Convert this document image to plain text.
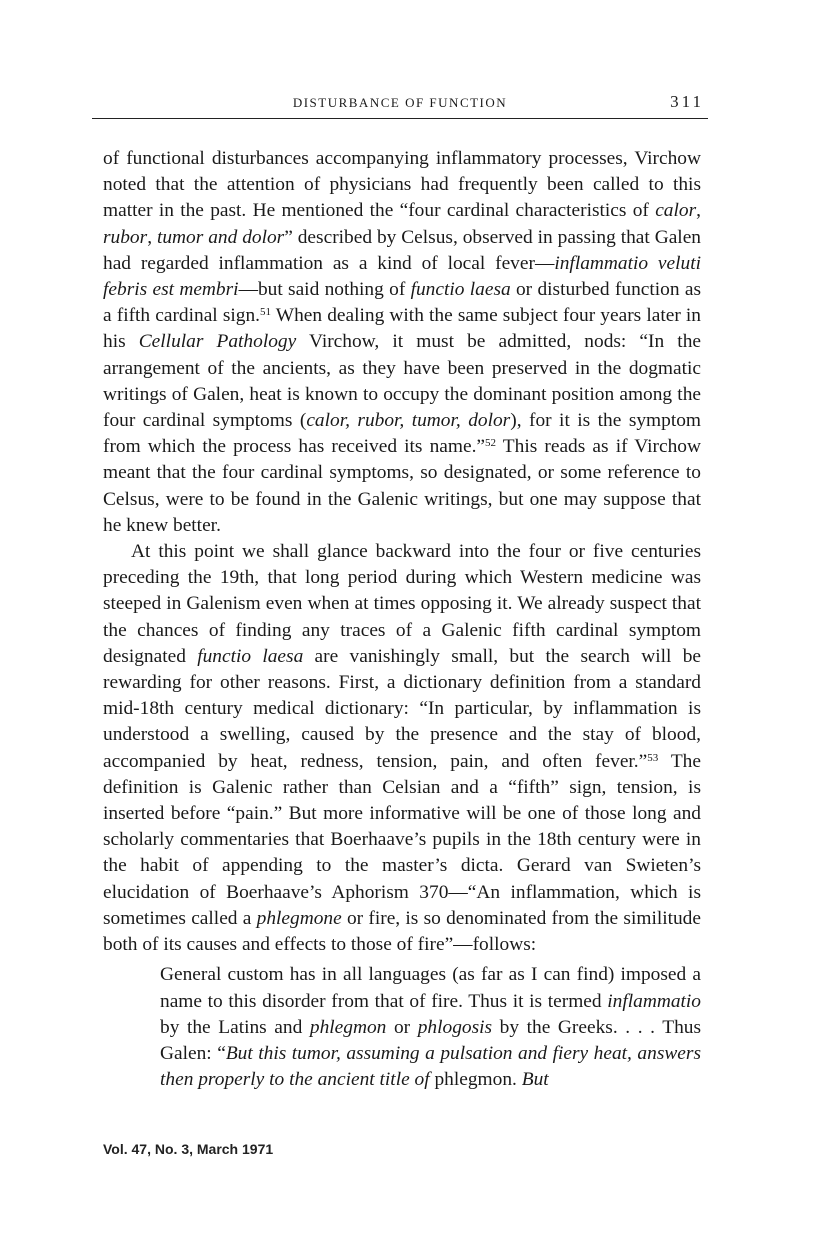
DISTURBANCE OF FUNCTION	311

of functional disturbances accompanying inflammatory processes, Virchow noted that the attention of physicians had frequently been called to this matter in the past. He mentioned the “four cardinal characteristics of calor, rubor, tumor and dolor” described by Celsus, observed in passing that Galen had regarded inflammation as a kind of local fever—inflammatio veluti febris est membri—but said nothing of functio laesa or disturbed function as a fifth cardinal sign.$^{51}$ When dealing with the same subject four years later in his Cellular Pathology Virchow, it must be admitted, nods: “In the arrangement of the ancients, as they have been preserved in the dogmatic writings of Galen, heat is known to occupy the dominant position among the four cardinal symptoms (calor, rubor, tumor, dolor), for it is the symptom from which the process has received its name.”$^{52}$ This reads as if Virchow meant that the four cardinal symptoms, so designated, or some reference to Celsus, were to be found in the Galenic writings, but one may suppose that he knew better.

At this point we shall glance backward into the four or five centuries preceding the 19th, that long period during which Western medicine was steeped in Galenism even when at times opposing it. We already suspect that the chances of finding any traces of a Galenic fifth cardinal symptom designated functio laesa are vanishingly small, but the search will be rewarding for other reasons. First, a dictionary definition from a standard mid-18th century medical dictionary: “In particular, by inflammation is understood a swelling, caused by the presence and the stay of blood, accompanied by heat, redness, tension, pain, and often fever.”$^{53}$ The definition is Galenic rather than Celsian and a “fifth” sign, tension, is inserted before “pain.” But more informative will be one of those long and scholarly commentaries that Boerhaave’s pupils in the 18th century were in the habit of appending to the master’s dicta. Gerard van Swieten’s elucidation of Boerhaave’s Aphorism 370—“An inflammation, which is sometimes called a phlegmone or fire, is so denominated from the similitude both of its causes and effects to those of fire”—follows:

General custom has in all languages (as far as I can find) imposed a name to this disorder from that of fire. Thus it is termed inflammatio by the Latins and phlegmon or phlogosis by the Greeks. . . . Thus Galen: “But this tumor, assuming a pulsation and fiery heat, answers then properly to the ancient title of phlegmon. But

Vol. 47, No. 3, March 1971
